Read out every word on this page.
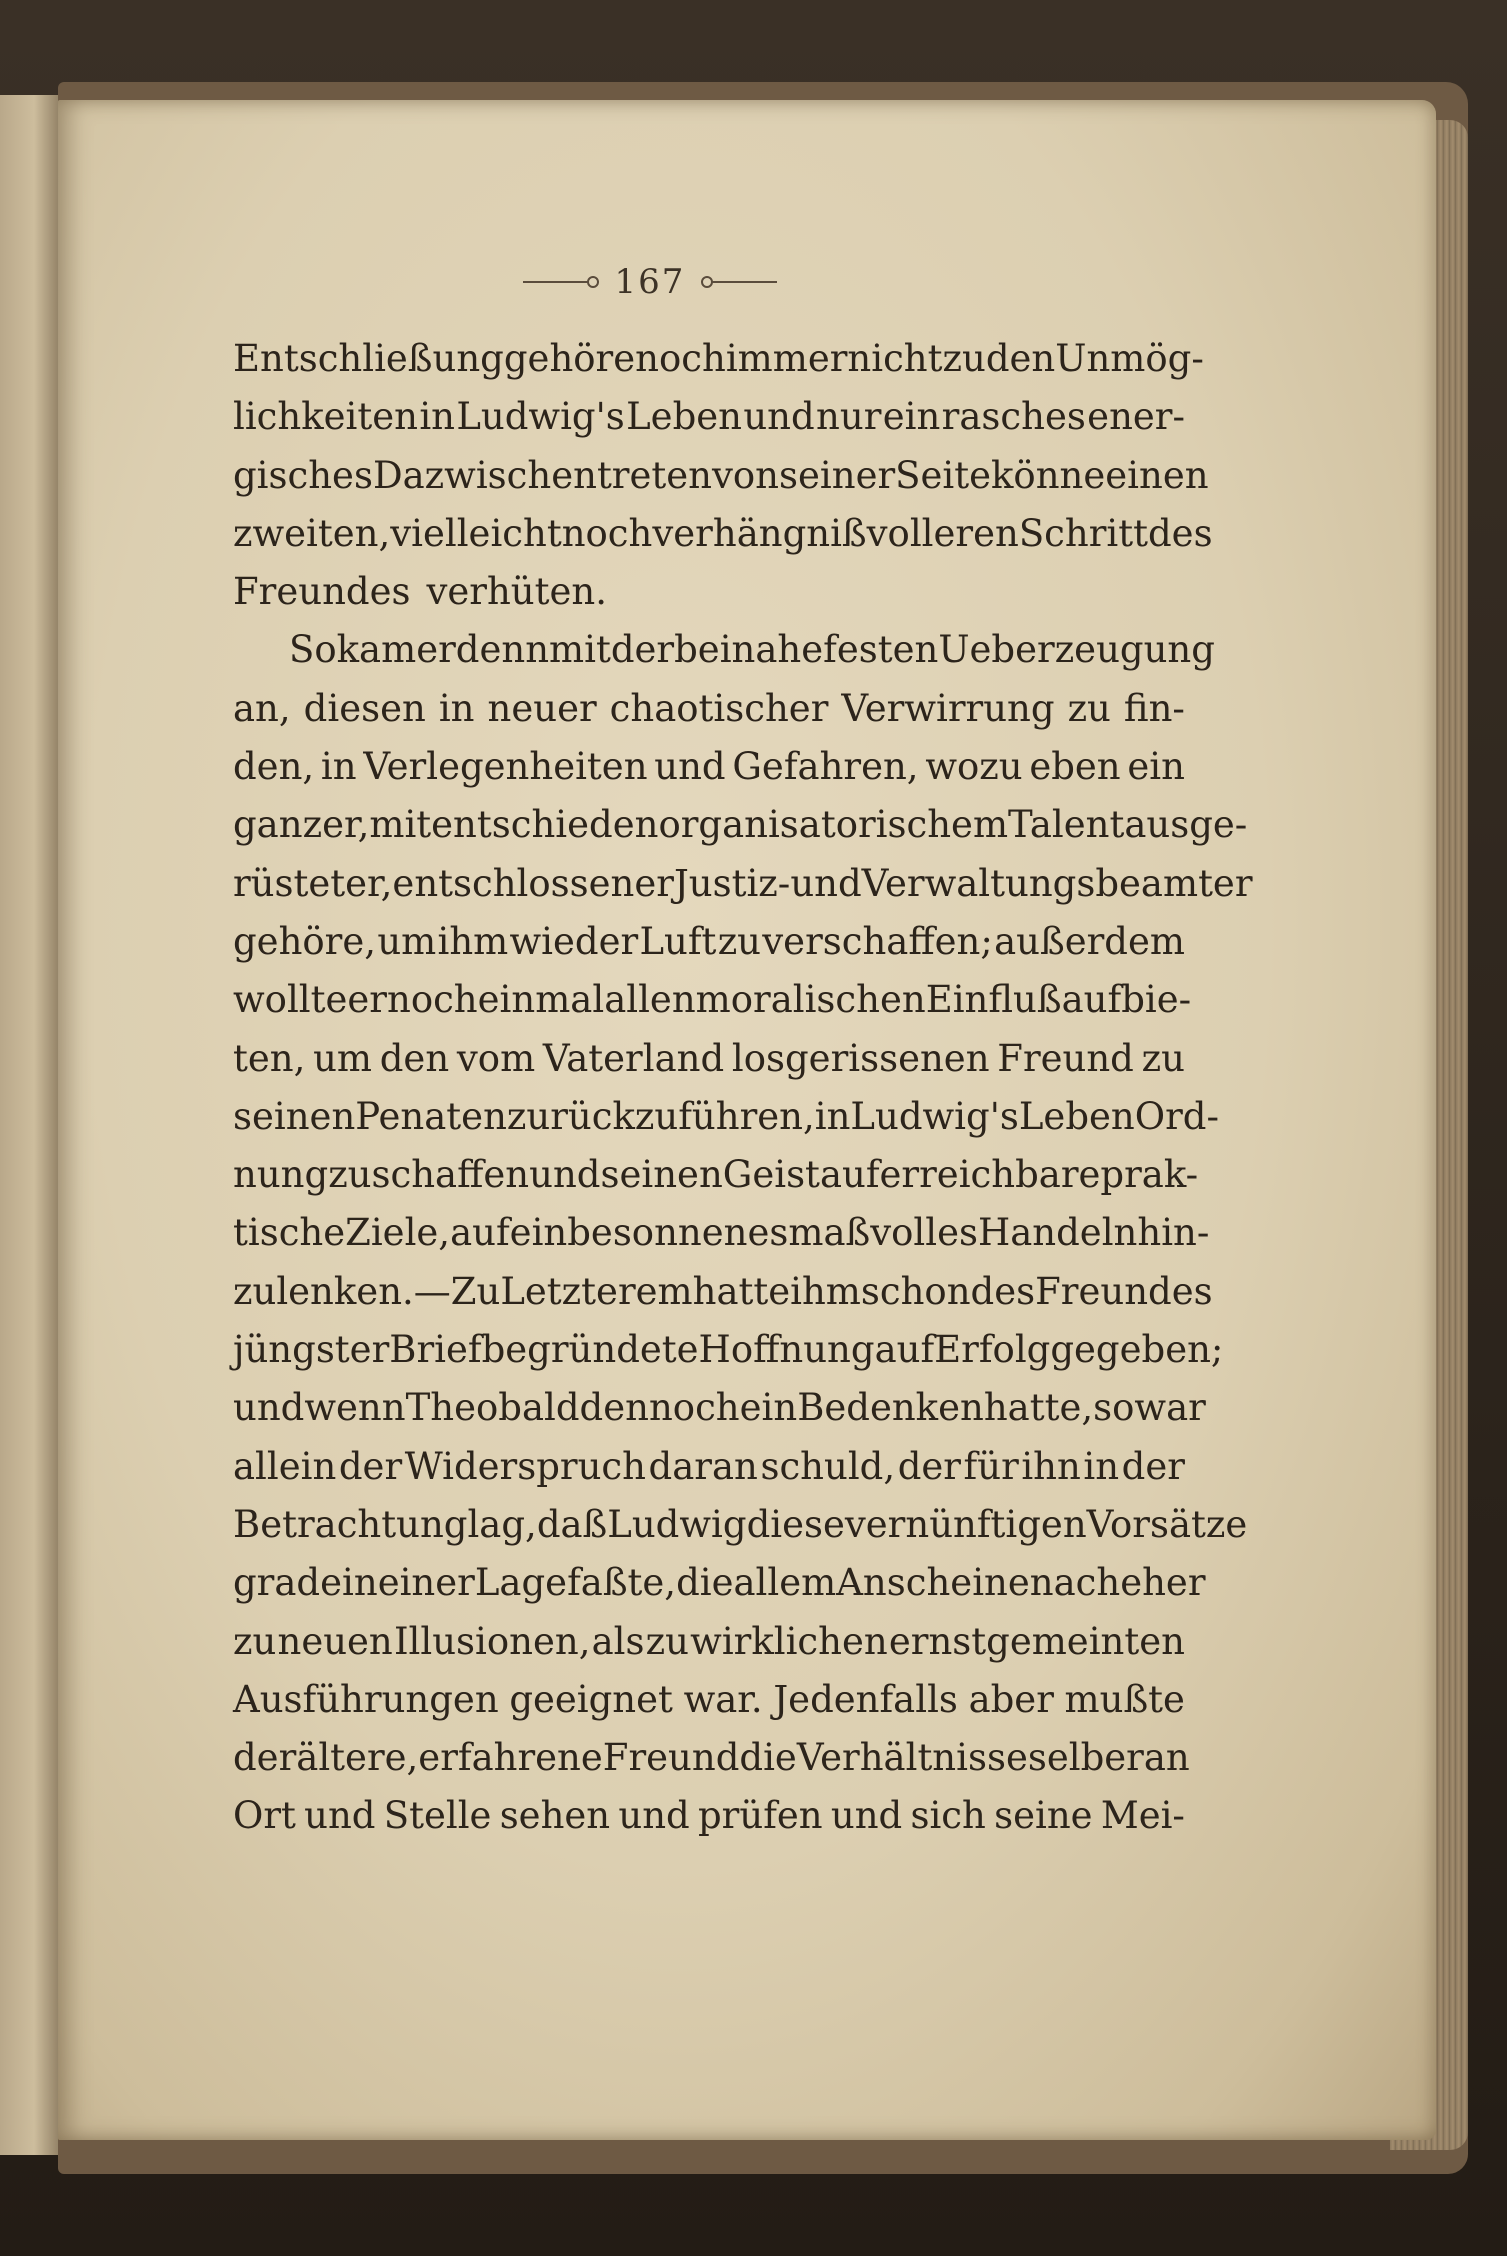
167
Entschließung gehöre noch immer nicht zu den Unmög-
lichkeiten in Ludwig's Leben und nur ein rasches ener-
gisches Dazwischentreten von seiner Seite könne einen
zweiten, vielleicht noch verhängnißvolleren Schritt des
Freundes verhüten.
So kam er denn mit der beinahe festen Ueberzeugung
an, diesen in neuer chaotischer Verwirrung zu fin-
den, in Verlegenheiten und Gefahren, wozu eben ein
ganzer, mit entschieden organisatorischem Talent ausge-
rüsteter, entschlossener Justiz- und Verwaltungsbeamter
gehöre, um ihm wieder Luft zu verschaffen; außerdem
wollte er noch einmal allen moralischen Einfluß aufbie-
ten, um den vom Vaterland losgerissenen Freund zu
seinen Penaten zurückzuführen, in Ludwig's Leben Ord-
nung zu schaffen und seinen Geist auf erreichbare prak-
tische Ziele, auf ein besonnenes maßvolles Handeln hin-
zulenken. — Zu Letzterem hatte ihm schon des Freundes
jüngster Brief begründete Hoffnung auf Erfolg gegeben;
und wenn Theobald dennoch ein Bedenken hatte, so war
allein der Widerspruch daran schuld, der für ihn in der
Betrachtung lag, daß Ludwig diese vernünftigen Vorsätze
grade in einer Lage faßte, die allem Anscheine nach eher
zu neuen Illusionen, als zu wirklichen ernstgemeinten
Ausführungen geeignet war. Jedenfalls aber mußte
der ältere, erfahrene Freund die Verhältnisse selber an
Ort und Stelle sehen und prüfen und sich seine Mei-
